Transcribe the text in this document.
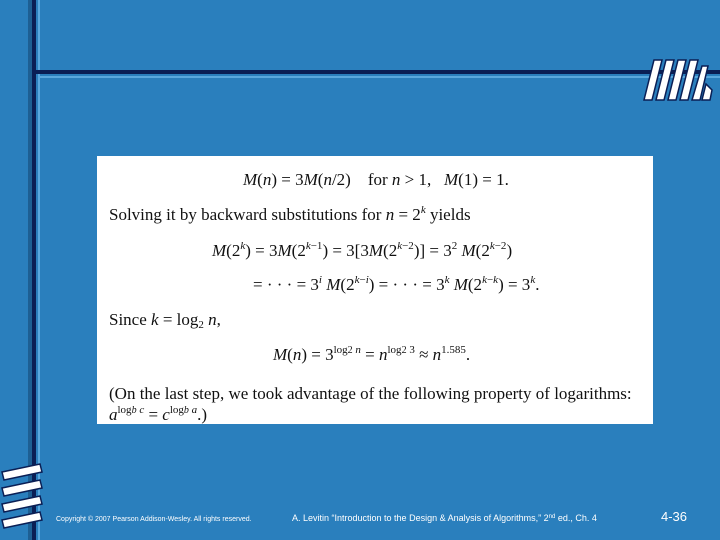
M(n) = 3M(n/2)    for n > 1,   M(1) = 1.
Solving it by backward substitutions for $n = 2^k$ yields
$M(2^k) = 3M(2^{k-1}) = 3[3M(2^{k-2})] = 3^2$ $M(2^{k-2})$
= · · · = $3^i$ $M(2^{k-i})$ = · · · = $3^k$ $M(2^{k-k}) = 3^k$.
Since $k = \log_2 n$,
$M(n) = 3^{log2 n} = n^{log2 3} \approx n^{1.585}$.
(On the last step, we took advantage of the following property of logarithms:
$a^{logb c} = c^{logb a}$.)
Copyright © 2007 Pearson Addison-Wesley. All rights reserved.	A. Levitin “Introduction to the Design & Analysis of Algorithms,” 2nd ed., Ch. 4	4-36
